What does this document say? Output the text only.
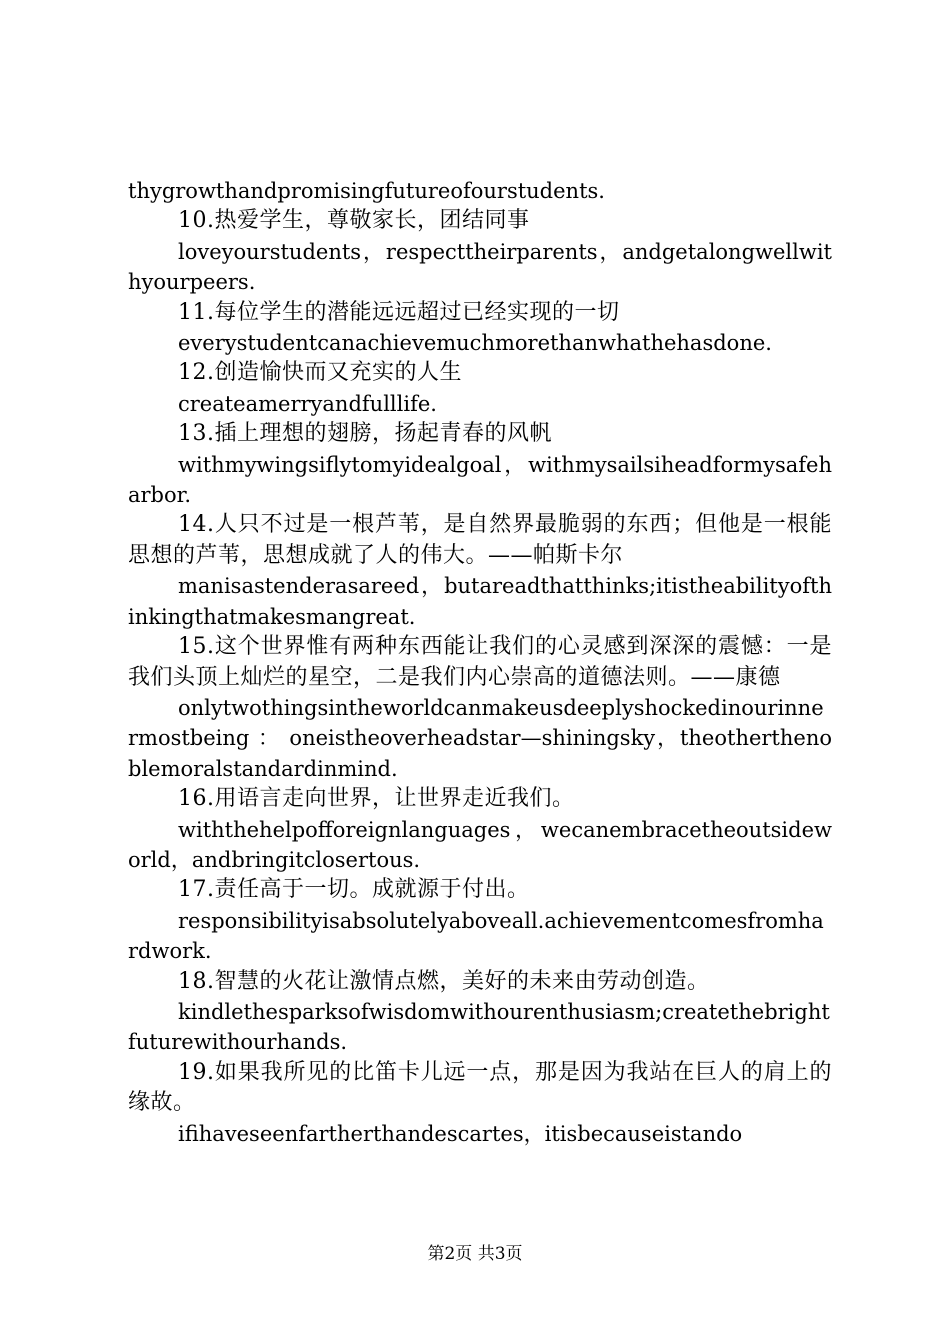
thygrowthandpromisingfutureofourstudents.

10.热爱学生，尊敬家长，团结同事

loveyourstudents，respecttheirparents，andgetalongwellwithyourpeers.

11.每位学生的潜能远远超过已经实现的一切

everystudentcanachievemuchmorethanwhathehasdone.

12.创造愉快而又充实的人生

createamerryandfulllife.

13.插上理想的翅膀，扬起青春的风帆

withmywingsiflytomyidealgoal，withmysailsiheadformysafeharbor.

14.人只不过是一根芦苇，是自然界最脆弱的东西；但他是一根能思想的芦苇，思想成就了人的伟大。——帕斯卡尔

manisastenderasareed，butareadthatthinks;itistheabilityofthinkingthatmakesmangreat.

15.这个世界惟有两种东西能让我们的心灵感到深深的震憾：一是我们头顶上灿烂的星空，二是我们内心崇高的道德法则。——康德

onlytwothingsintheworldcanmakeusdeeplyshockedinourinnermostbeing ： oneistheoverheadstar—shiningsky，theotherthenoblemoralstandardinmind.

16.用语言走向世界，让世界走近我们。

withthehelpofforeignlanguages，wecanembracetheoutsideworld，andbringitclosertous.

17.责任高于一切。成就源于付出。

responsibilityisabsolutelyaboveall.achievementcomesfromhardwork.

18.智慧的火花让激情点燃，美好的未来由劳动创造。

kindlethesparksofwisdomwithourenthusiasm;createthebrightfuturewithourhands.

19.如果我所见的比笛卡儿远一点，那是因为我站在巨人的肩上的缘故。

ifihaveseenfartherthandescartes，itisbecauseistando

第2页 共3页
